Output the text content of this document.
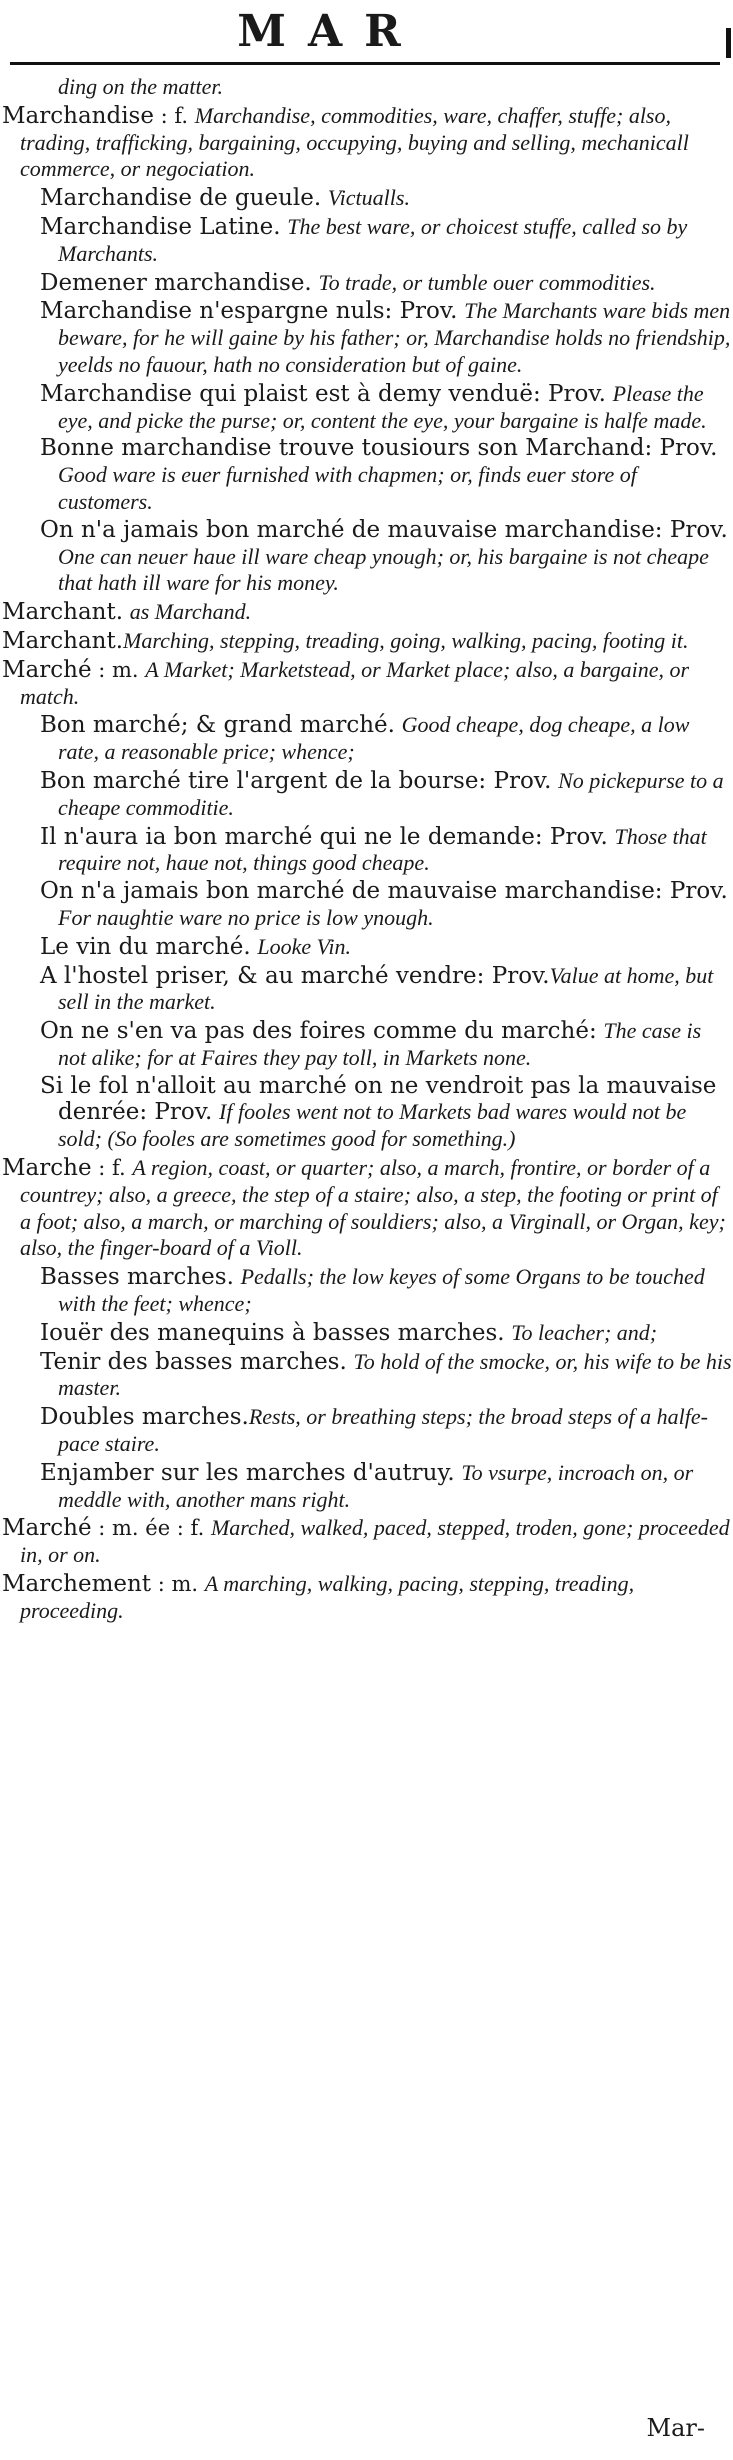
MAR
ding on the matter.
Marchandise : f. Marchandise, commodities, ware, chaffer, stuffe; also, trading, trafficking, bargaining, occupying, buying and selling, mechanicall commerce, or negociation.
Marchandise de gueule. Victualls.
Marchandise Latine. The best ware, or choicest stuffe, called so by Marchants.
Demener marchandise. To trade, or tumble ouer commodities.
Marchandise n'espargne nuls: Prov. The Marchants ware bids men beware, for he will gaine by his father; or, Marchandise holds no friendship, yeelds no fauour, hath no consideration but of gaine.
Marchandise qui plaist est à demy venduë: Prov. Please the eye, and picke the purse; or, content the eye, your bargaine is halfe made.
Bonne marchandise trouve tousiours son Marchand: Prov. Good ware is euer furnished with chapmen; or, finds euer store of customers.
On n'a jamais bon marché de mauvaise marchandise: Prov. One can neuer haue ill ware cheap ynough; or, his bargaine is not cheape that hath ill ware for his money.
Marchant. as Marchand.
Marchant.Marching, stepping, treading, going, walking, pacing, footing it.
Marché : m. A Market; Marketstead, or Market place; also, a bargaine, or match.
Bon marché; & grand marché. Good cheape, dog cheape, a low rate, a reasonable price; whence;
Bon marché tire l'argent de la bourse: Prov. No pickepurse to a cheape commoditie.
Il n'aura ia bon marché qui ne le demande: Prov. Those that require not, haue not, things good cheape.
On n'a jamais bon marché de mauvaise marchandise: Prov. For naughtie ware no price is low ynough.
Le vin du marché. Looke Vin.
A l'hostel priser, & au marché vendre: Prov.Value at home, but sell in the market.
On ne s'en va pas des foires comme du marché: The case is not alike; for at Faires they pay toll, in Markets none.
Si le fol n'alloit au marché on ne vendroit pas la mauvaise denrée: Prov. If fooles went not to Markets bad wares would not be sold; (So fooles are sometimes good for something.)
Marche : f. A region, coast, or quarter; also, a march, frontire, or border of a countrey; also, a greece, the step of a staire; also, a step, the footing or print of a foot; also, a march, or marching of souldiers; also, a Virginall, or Organ, key; also, the finger-board of a Violl.
Basses marches. Pedalls; the low keyes of some Organs to be touched with the feet; whence;
Iouër des manequins à basses marches. To leacher; and;
Tenir des basses marches. To hold of the smocke, or, his wife to be his master.
Doubles marches.Rests, or breathing steps; the broad steps of a halfe-pace staire.
Enjamber sur les marches d'autruy. To vsurpe, incroach on, or meddle with, another mans right.
Marché : m. ée : f. Marched, walked, paced, stepped, troden, gone; proceeded in, or on.
Marchement : m. A marching, walking, pacing, stepping, treading, proceeding.
Mar-
